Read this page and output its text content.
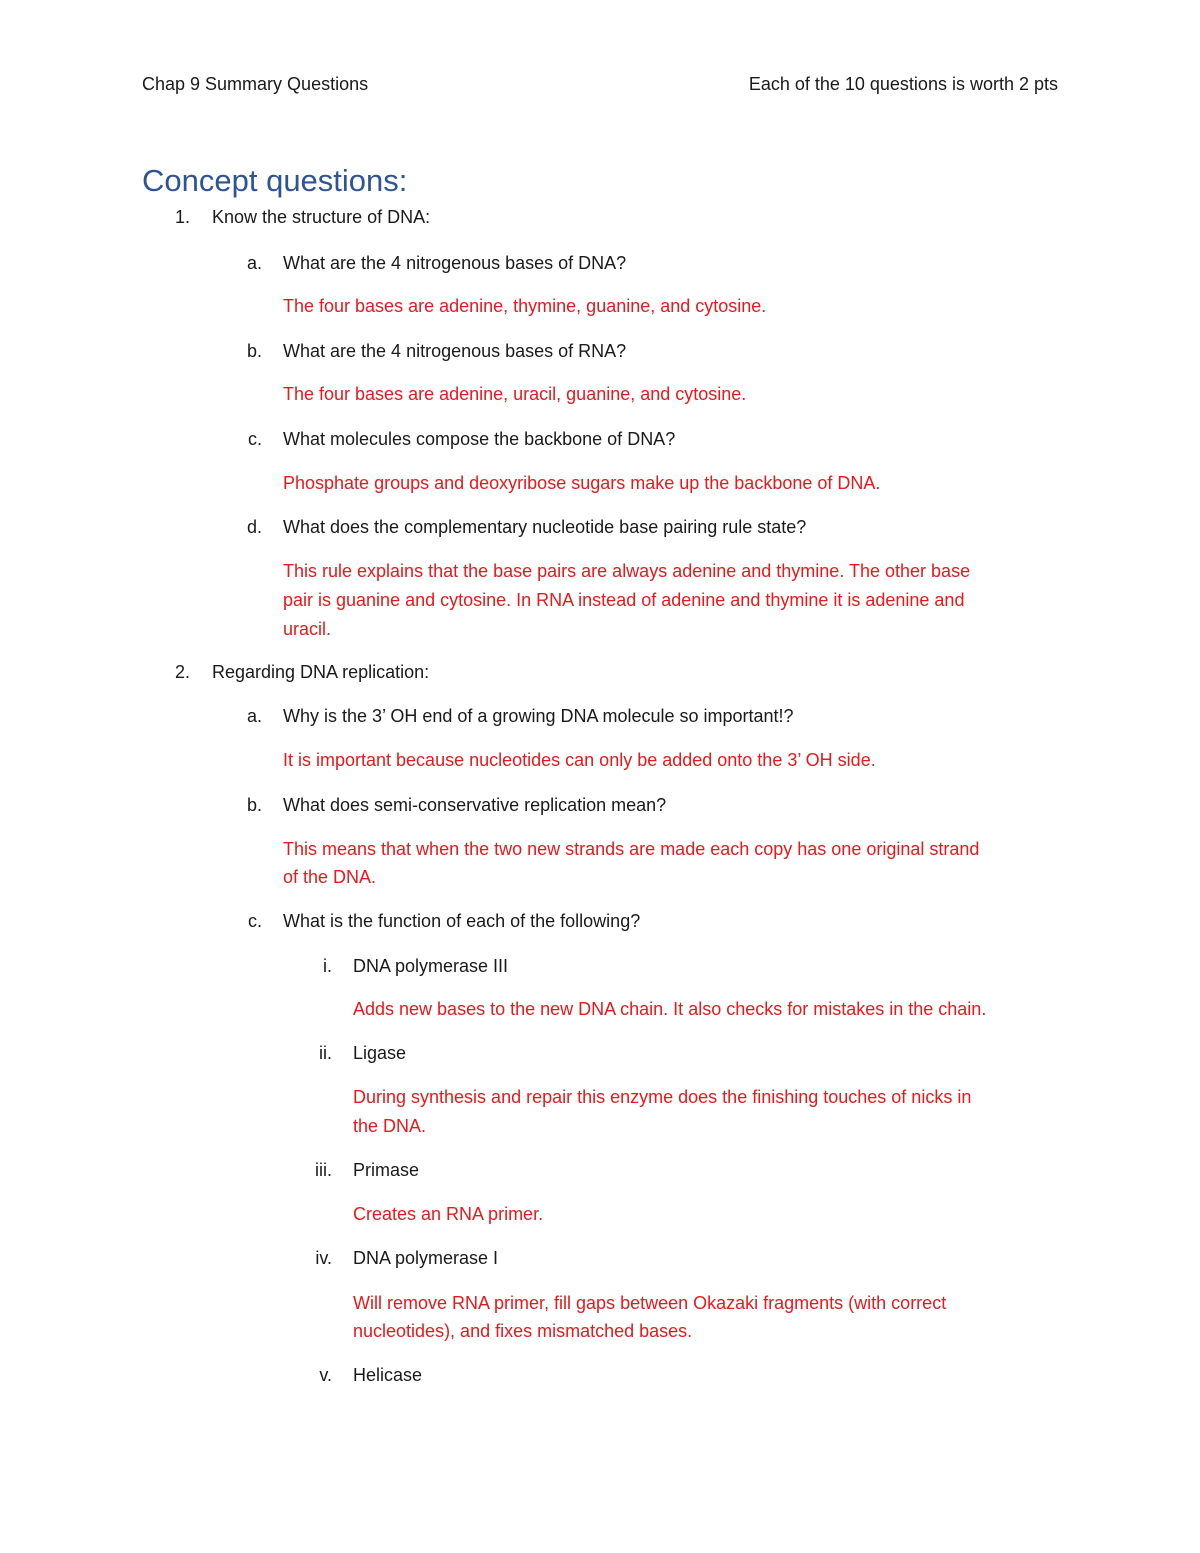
Chap 9 Summary Questions	Each of the 10 questions is worth 2 pts
Concept questions:
1. Know the structure of DNA:
a. What are the 4 nitrogenous bases of DNA?
The four bases are adenine, thymine, guanine, and cytosine.
b. What are the 4 nitrogenous bases of RNA?
The four bases are adenine, uracil, guanine, and cytosine.
c. What molecules compose the backbone of DNA?
Phosphate groups and deoxyribose sugars make up the backbone of DNA.
d. What does the complementary nucleotide base pairing rule state?
This rule explains that the base pairs are always adenine and thymine. The other base
pair is guanine and cytosine. In RNA instead of adenine and thymine it is adenine and
uracil.
2. Regarding DNA replication:
a. Why is the 3’ OH end of a growing DNA molecule so important!?
It is important because nucleotides can only be added onto the 3’ OH side.
b. What does semi-conservative replication mean?
This means that when the two new strands are made each copy has one original strand
of the DNA.
c. What is the function of each of the following?
i. DNA polymerase III
Adds new bases to the new DNA chain. It also checks for mistakes in the chain.
ii. Ligase
During synthesis and repair this enzyme does the finishing touches of nicks in
the DNA.
iii. Primase
Creates an RNA primer.
iv. DNA polymerase I
Will remove RNA primer, fill gaps between Okazaki fragments (with correct
nucleotides), and fixes mismatched bases.
v. Helicase
